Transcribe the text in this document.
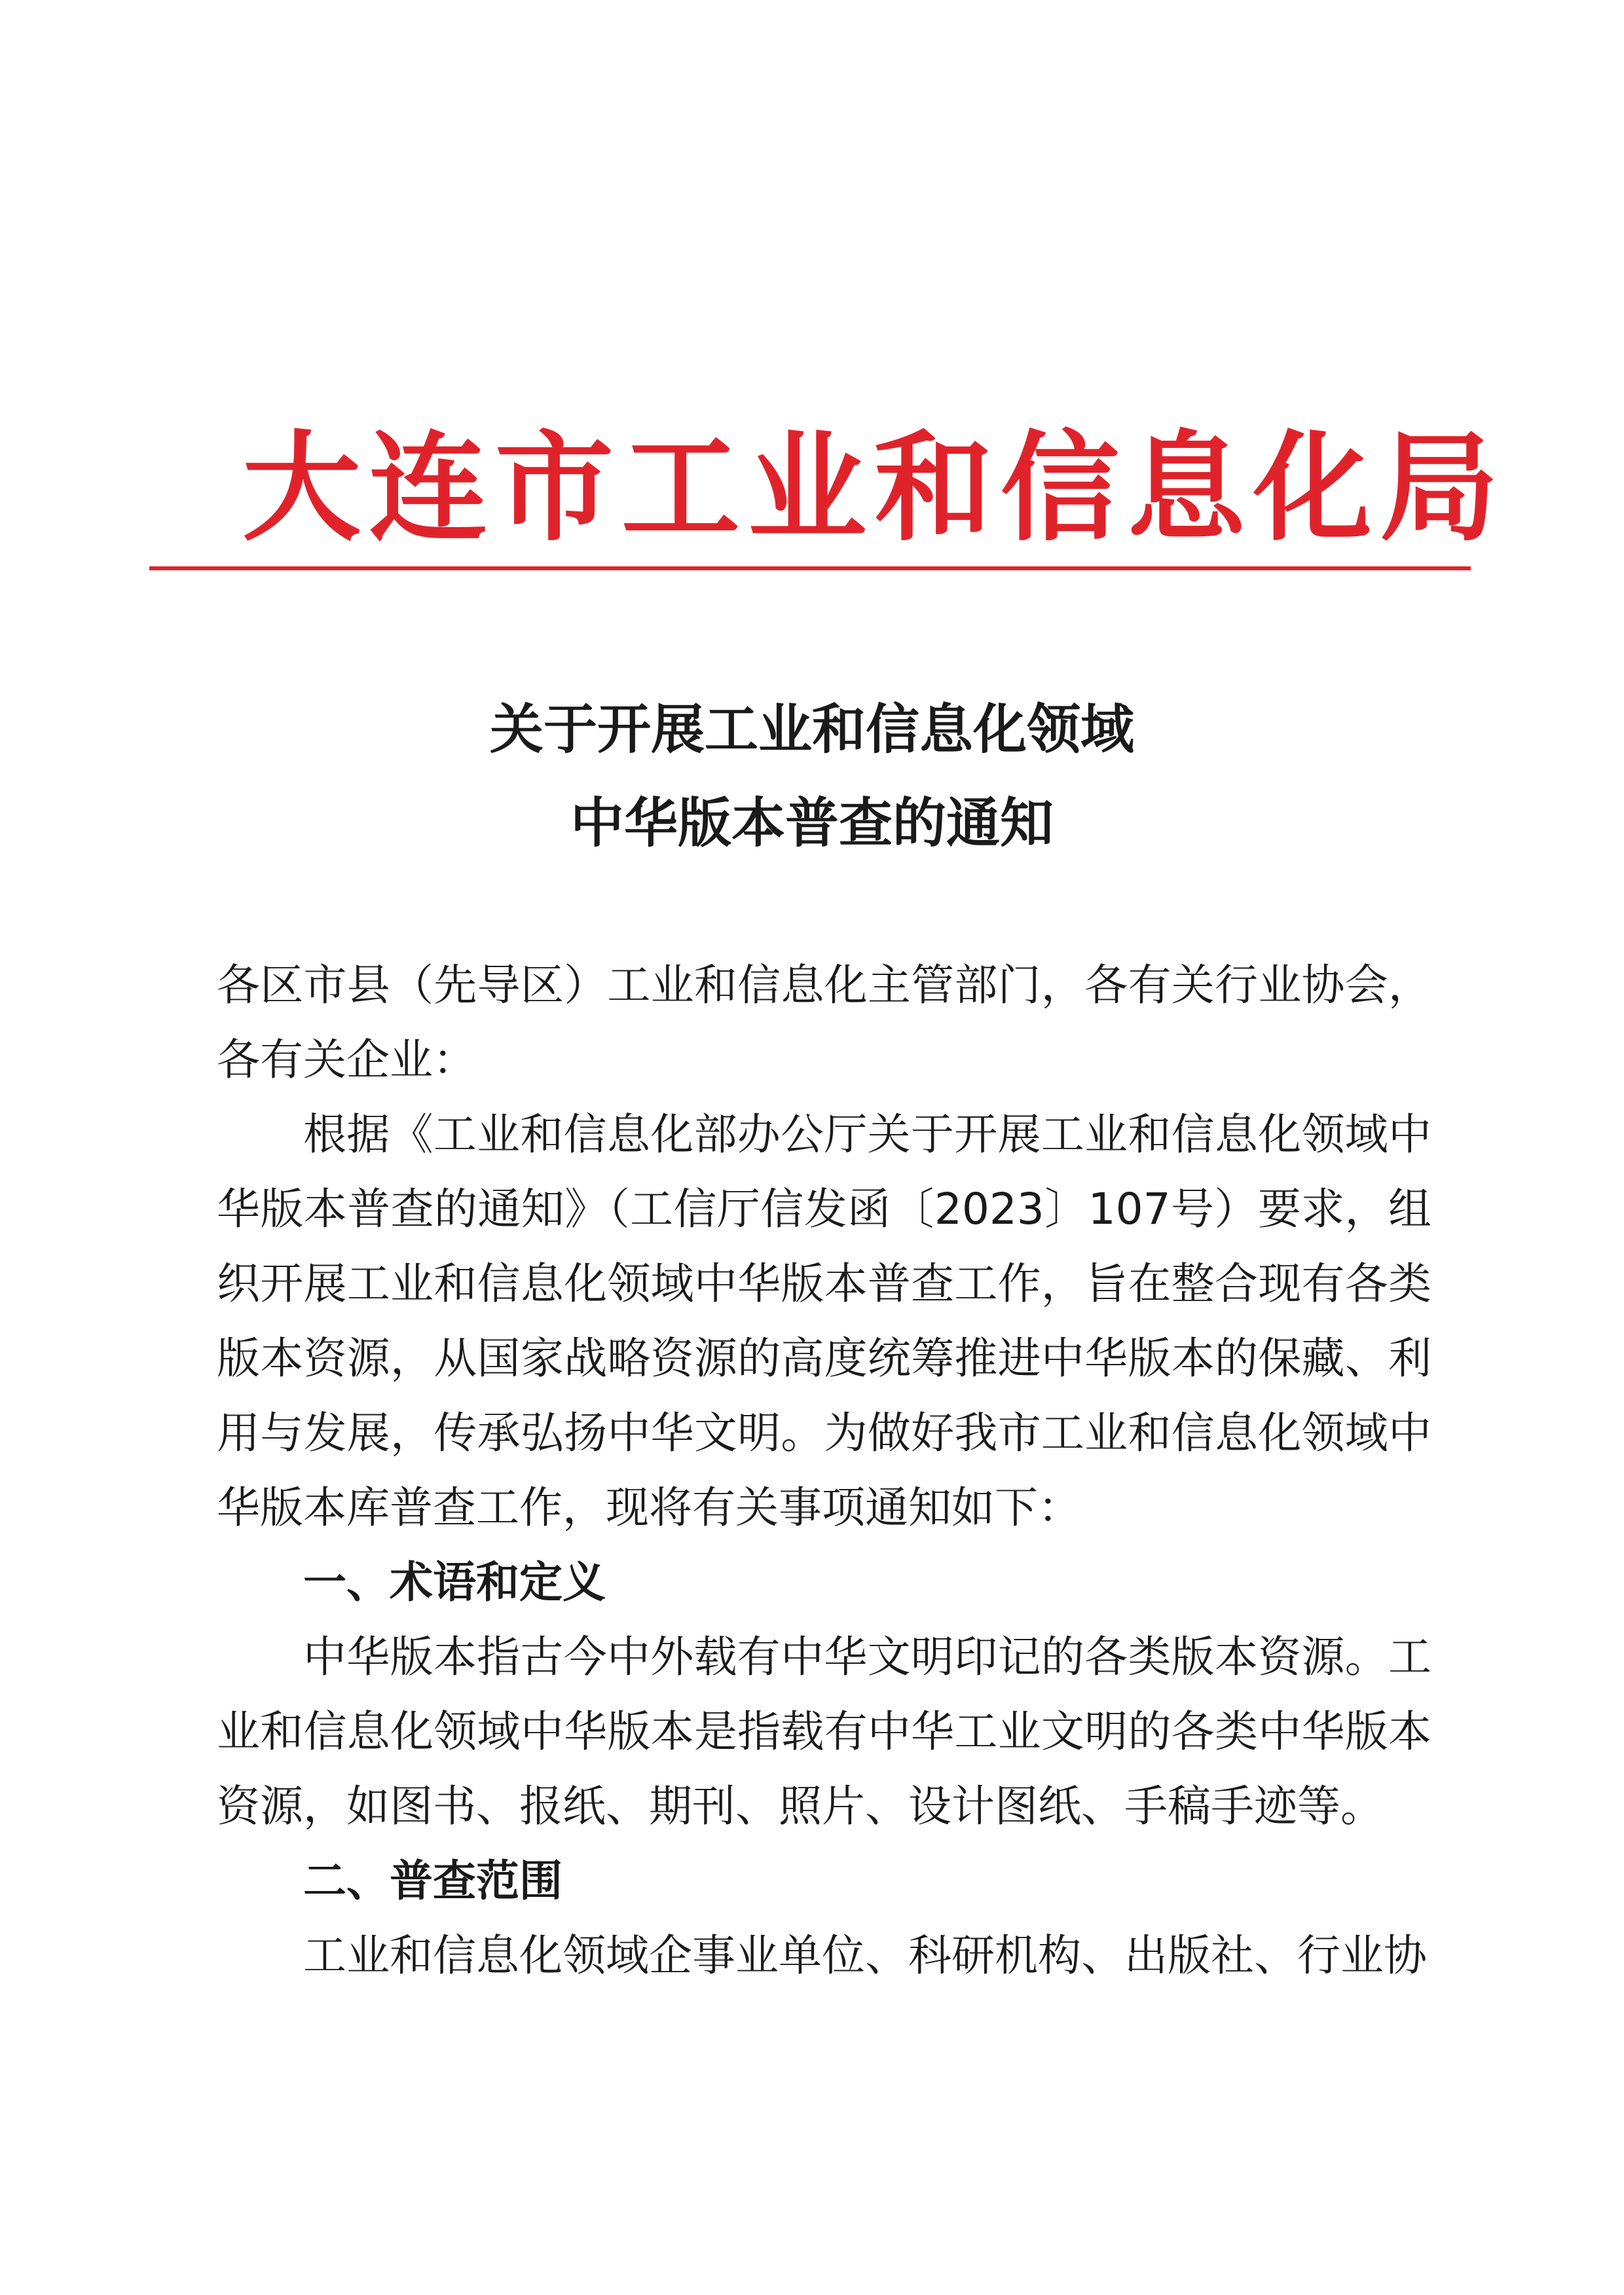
大连市工业和信息化局
关于开展工业和信息化领域
中华版本普查的通知

各区市县（先导区）工业和信息化主管部门，各有关行业协会，各有关企业：

根据《工业和信息化部办公厅关于开展工业和信息化领域中华版本普查的通知》（工信厅信发函〔2023〕107号）要求，组织开展工业和信息化领域中华版本普查工作，旨在整合现有各类版本资源，从国家战略资源的高度统筹推进中华版本的保藏、利用与发展，传承弘扬中华文明。为做好我市工业和信息化领域中华版本库普查工作，现将有关事项通知如下：

一、术语和定义

中华版本指古今中外载有中华文明印记的各类版本资源。工业和信息化领域中华版本是指载有中华工业文明的各类中华版本资源，如图书、报纸、期刊、照片、设计图纸、手稿手迹等。

二、普查范围

工业和信息化领域企事业单位、科研机构、出版社、行业协
